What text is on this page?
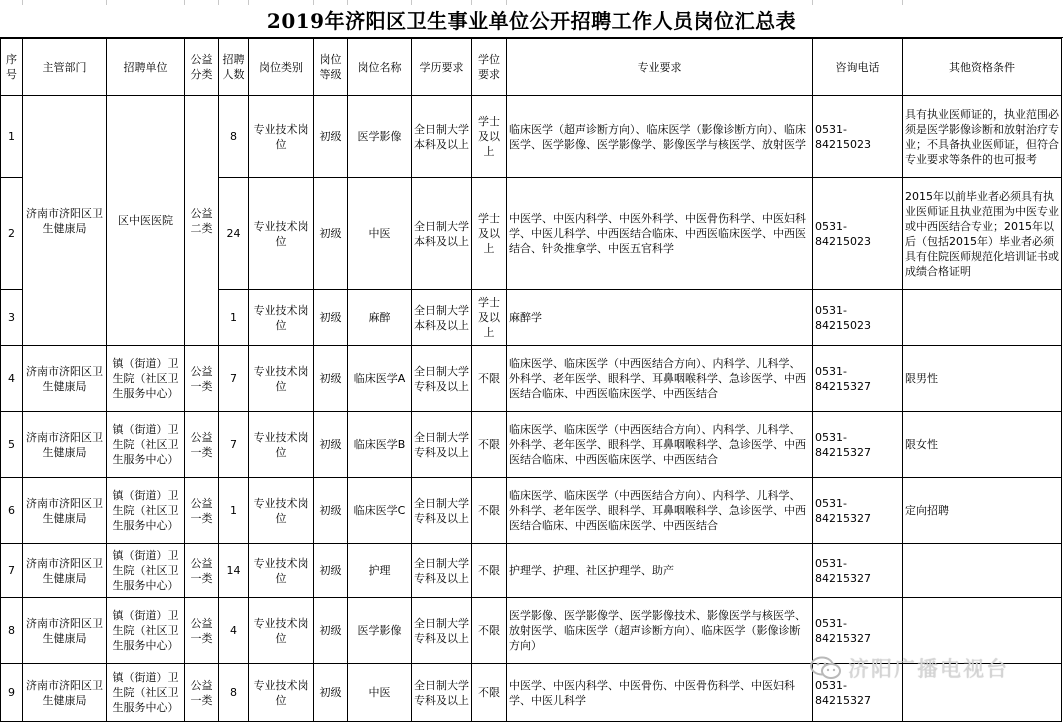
2019年济阳区卫生事业单位公开招聘工作人员岗位汇总表
序号	主管部门	招聘单位	公益分类	招聘人数	岗位类别	岗位等级	岗位名称	学历要求	学位要求	专业要求	咨询电话	其他资格条件
1	济南市济阳区卫生健康局	区中医医院	公益二类	8	专业技术岗位	初级	医学影像	全日制大学本科及以上	学士及以上	临床医学（超声诊断方向）、临床医学（影像诊断方向）、临床医学、医学影像、医学影像学、影像医学与核医学、放射医学	0531-84215023	具有执业医师证的，执业范围必须是医学影像诊断和放射治疗专业；不具备执业医师证，但符合专业要求等条件的也可报考
2				24	专业技术岗位	初级	中医	全日制大学本科及以上	学士及以上	中医学、中医内科学、中医外科学、中医骨伤科学、中医妇科学、中医儿科学、中西医结合临床、中西医临床医学、中西医结合、针灸推拿学、中医五官科学	0531-84215023	2015年以前毕业者必须具有执业医师证且执业范围为中医专业或中西医结合专业；2015年以后（包括2015年）毕业者必须具有住院医师规范化培训证书或成绩合格证明
3				1	专业技术岗位	初级	麻醉	全日制大学本科及以上	学士及以上	麻醉学	0531-84215023	
4	济南市济阳区卫生健康局	镇（街道）卫生院（社区卫生服务中心）	公益一类	7	专业技术岗位	初级	临床医学A	全日制大学专科及以上	不限	临床医学、临床医学（中西医结合方向）、内科学、儿科学、外科学、老年医学、眼科学、耳鼻咽喉科学、急诊医学、中西医结合临床、中西医临床医学、中西医结合	0531-84215327	限男性
5	济南市济阳区卫生健康局	镇（街道）卫生院（社区卫生服务中心）	公益一类	7	专业技术岗位	初级	临床医学B	全日制大学专科及以上	不限	临床医学、临床医学（中西医结合方向）、内科学、儿科学、外科学、老年医学、眼科学、耳鼻咽喉科学、急诊医学、中西医结合临床、中西医临床医学、中西医结合	0531-84215327	限女性
6	济南市济阳区卫生健康局	镇（街道）卫生院（社区卫生服务中心）	公益一类	1	专业技术岗位	初级	临床医学C	全日制大学专科及以上	不限	临床医学、临床医学（中西医结合方向）、内科学、儿科学、外科学、老年医学、眼科学、耳鼻咽喉科学、急诊医学、中西医结合临床、中西医临床医学、中西医结合	0531-84215327	定向招聘
7	济南市济阳区卫生健康局	镇（街道）卫生院（社区卫生服务中心）	公益一类	14	专业技术岗位	初级	护理	全日制大学专科及以上	不限	护理学、护理、社区护理学、助产	0531-84215327	
8	济南市济阳区卫生健康局	镇（街道）卫生院（社区卫生服务中心）	公益一类	4	专业技术岗位	初级	医学影像	全日制大学专科及以上	不限	医学影像、医学影像学、医学影像技术、影像医学与核医学、放射医学、临床医学（超声诊断方向）、临床医学（影像诊断方向）	0531-84215327	
9	济南市济阳区卫生健康局	镇（街道）卫生院（社区卫生服务中心）	公益一类	8	专业技术岗位	初级	中医	全日制大学专科及以上	不限	中医学、中医内科学、中医骨伤、中医骨伤科学、中医妇科学、中医儿科学	0531-84215327	
济阳广播电视台
